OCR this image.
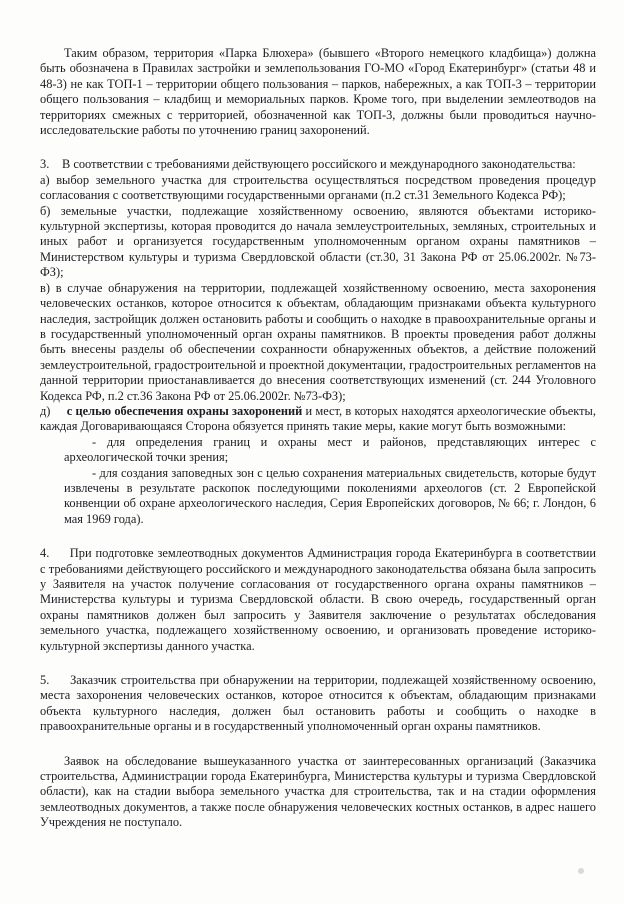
Таким образом, территория «Парка Блюхера» (бывшего «Второго немецкого кладбища») должна быть обозначена в Правилах застройки и землепользования ГО-МО «Город Екатеринбург» (статьи 48 и 48-3) не как ТОП-1 – территории общего пользования – парков, набережных, а как ТОП-3 – территории общего пользования – кладбищ и мемориальных парков. Кроме того, при выделении землеотводов на территориях смежных с территорией, обозначенной как ТОП-3, должны были проводиться научно-исследовательские работы по уточнению границ захоронений.

3. В соответствии с требованиями действующего российского и международного законодательства:

а) выбор земельного участка для строительства осуществляться посредством проведения процедур согласования с соответствующими государственными органами (п.2 ст.31 Земельного Кодекса РФ);

б) земельные участки, подлежащие хозяйственному освоению, являются объектами историко-культурной экспертизы, которая проводится до начала землеустроительных, земляных, строительных и иных работ и организуется государственным уполномоченным органом охраны памятников – Министерством культуры и туризма Свердловской области (ст.30, 31 Закона РФ от 25.06.2002г. №73-ФЗ);

в) в случае обнаружения на территории, подлежащей хозяйственному освоению, места захоронения человеческих останков, которое относится к объектам, обладающим признаками объекта культурного наследия, застройщик должен остановить работы и сообщить о находке в правоохранительные органы и в государственный уполномоченный орган охраны памятников. В проекты проведения работ должны быть внесены разделы об обеспечении сохранности обнаруженных объектов, а действие положений землеустроительной, градостроительной и проектной документации, градостроительных регламентов на данной территории приостанавливается до внесения соответствующих изменений (ст. 244 Уголовного Кодекса РФ, п.2 ст.36 Закона РФ от 25.06.2002г. №73-ФЗ);

д) с целью обеспечения охраны захоронений и мест, в которых находятся археологические объекты, каждая Договаривающаяся Сторона обязуется принять такие меры, какие могут быть возможными:

- для определения границ и охраны мест и районов, представляющих интерес с археологической точки зрения;

- для создания заповедных зон с целью сохранения материальных свидетельств, которые будут извлечены в результате раскопок последующими поколениями археологов (ст. 2 Европейской конвенции об охране археологического наследия, Серия Европейских договоров, № 66; г. Лондон, 6 мая 1969 года).

4. При подготовке землеотводных документов Администрация города Екатеринбурга в соответствии с требованиями действующего российского и международного законодательства обязана была запросить у Заявителя на участок получение согласования от государственного органа охраны памятников – Министерства культуры и туризма Свердловской области. В свою очередь, государственный орган охраны памятников должен был запросить у Заявителя заключение о результатах обследования земельного участка, подлежащего хозяйственному освоению, и организовать проведение историко-культурной экспертизы данного участка.

5. Заказчик строительства при обнаружении на территории, подлежащей хозяйственному освоению, места захоронения человеческих останков, которое относится к объектам, обладающим признаками объекта культурного наследия, должен был остановить работы и сообщить о находке в правоохранительные органы и в государственный уполномоченный орган охраны памятников.

Заявок на обследование вышеуказанного участка от заинтересованных организаций (Заказчика строительства, Администрации города Екатеринбурга, Министерства культуры и туризма Свердловской области), как на стадии выбора земельного участка для строительства, так и на стадии оформления землеотводных документов, а также после обнаружения человеческих костных останков, в адрес нашего Учреждения не поступало.
